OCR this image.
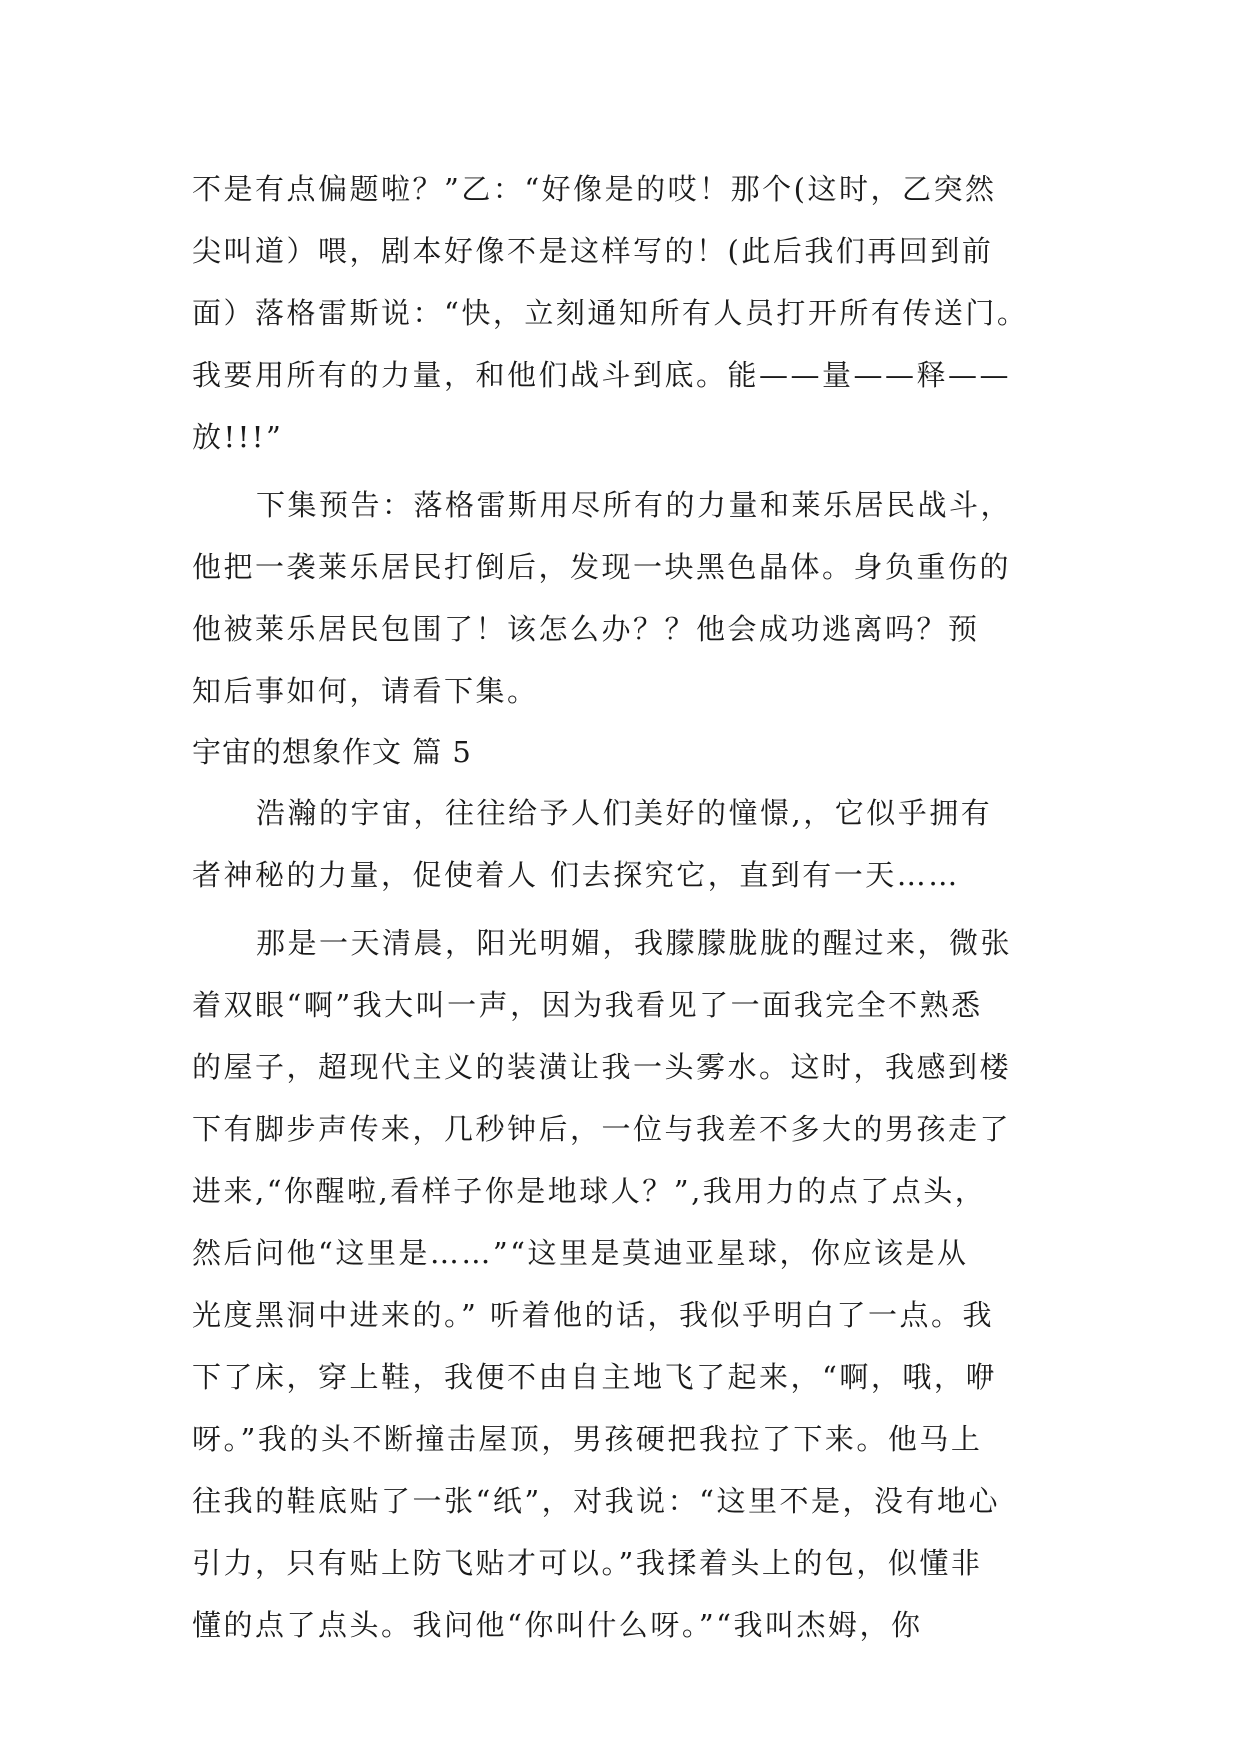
不是有点偏题啦？”乙：“好像是的哎！那个(这时，乙突然
尖叫道）喂，剧本好像不是这样写的！(此后我们再回到前
面）落格雷斯说：“快，立刻通知所有人员打开所有传送门。
我要用所有的力量，和他们战斗到底。能——量——释——
放!!!”
下集预告：落格雷斯用尽所有的力量和莱乐居民战斗，
他把一袭莱乐居民打倒后，发现一块黑色晶体。身负重伤的
他被莱乐居民包围了！该怎么办？？他会成功逃离吗？预
知后事如何，请看下集。
宇宙的想象作文 篇 5
浩瀚的宇宙，往往给予人们美好的憧憬,，它似乎拥有
者神秘的力量，促使着人 们去探究它，直到有一天……
那是一天清晨，阳光明媚，我朦朦胧胧的醒过来，微张
着双眼“啊”我大叫一声，因为我看见了一面我完全不熟悉
的屋子，超现代主义的装潢让我一头雾水。这时，我感到楼
下有脚步声传来，几秒钟后，一位与我差不多大的男孩走了
进来,“你醒啦,看样子你是地球人？”,我用力的点了点头，
然后问他“这里是……”“这里是莫迪亚星球，你应该是从
光度黑洞中进来的。” 听着他的话，我似乎明白了一点。我
下了床，穿上鞋，我便不由自主地飞了起来，“啊，哦，咿
呀。”我的头不断撞击屋顶，男孩硬把我拉了下来。他马上
往我的鞋底贴了一张“纸”，对我说：“这里不是，没有地心
引力，只有贴上防飞贴才可以。”我揉着头上的包，似懂非
懂的点了点头。我问他“你叫什么呀。”“我叫杰姆，你
